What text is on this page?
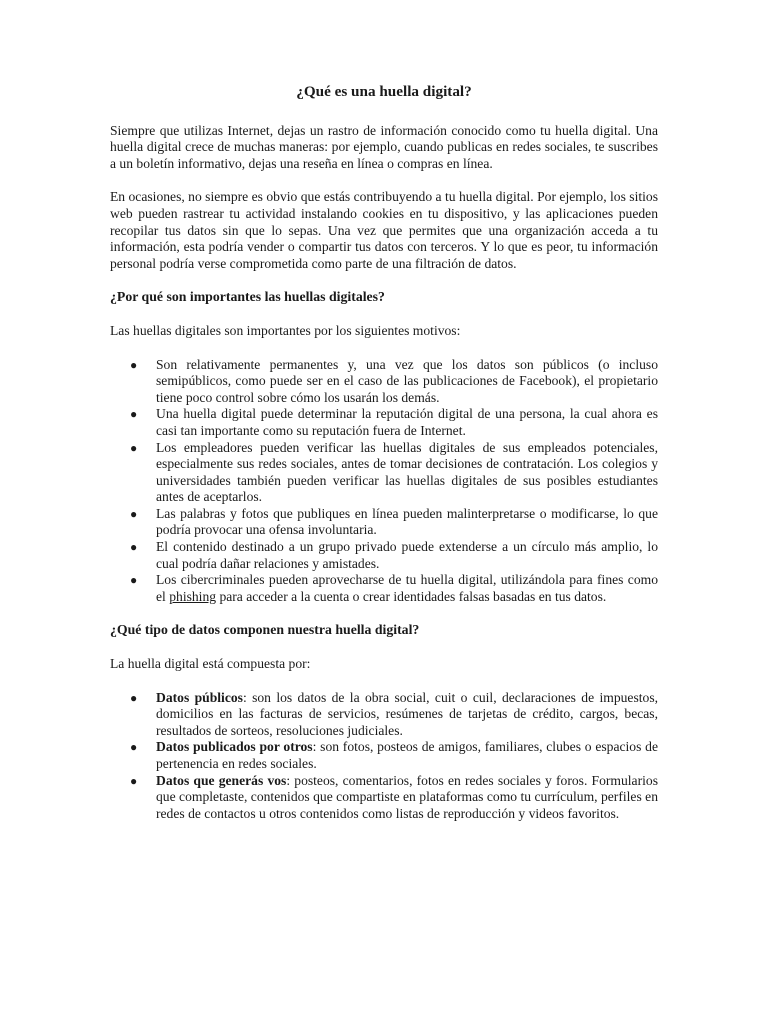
¿Qué es una huella digital?

Siempre que utilizas Internet, dejas un rastro de información conocido como tu huella digital. Una huella digital crece de muchas maneras: por ejemplo, cuando publicas en redes sociales, te suscribes a un boletín informativo, dejas una reseña en línea o compras en línea.

En ocasiones, no siempre es obvio que estás contribuyendo a tu huella digital. Por ejemplo, los sitios web pueden rastrear tu actividad instalando cookies en tu dispositivo, y las aplicaciones pueden recopilar tus datos sin que lo sepas. Una vez que permites que una organización acceda a tu información, esta podría vender o compartir tus datos con terceros. Y lo que es peor, tu información personal podría verse comprometida como parte de una filtración de datos.

¿Por qué son importantes las huellas digitales?

Las huellas digitales son importantes por los siguientes motivos:

● Son relativamente permanentes y, una vez que los datos son públicos (o incluso semipúblicos, como puede ser en el caso de las publicaciones de Facebook), el propietario tiene poco control sobre cómo los usarán los demás.
● Una huella digital puede determinar la reputación digital de una persona, la cual ahora es casi tan importante como su reputación fuera de Internet.
● Los empleadores pueden verificar las huellas digitales de sus empleados potenciales, especialmente sus redes sociales, antes de tomar decisiones de contratación. Los colegios y universidades también pueden verificar las huellas digitales de sus posibles estudiantes antes de aceptarlos.
● Las palabras y fotos que publiques en línea pueden malinterpretarse o modificarse, lo que podría provocar una ofensa involuntaria.
● El contenido destinado a un grupo privado puede extenderse a un círculo más amplio, lo cual podría dañar relaciones y amistades.
● Los cibercriminales pueden aprovecharse de tu huella digital, utilizándola para fines como el phishing para acceder a la cuenta o crear identidades falsas basadas en tus datos.
¿Qué tipo de datos componen nuestra huella digital?

La huella digital está compuesta por:

● Datos públicos: son los datos de la obra social, cuit o cuil, declaraciones de impuestos, domicilios en las facturas de servicios, resúmenes de tarjetas de crédito, cargos, becas, resultados de sorteos, resoluciones judiciales.
● Datos publicados por otros: son fotos, posteos de amigos, familiares, clubes o espacios de pertenencia en redes sociales.
● Datos que generás vos: posteos, comentarios, fotos en redes sociales y foros. Formularios que completaste, contenidos que compartiste en plataformas como tu currículum, perfiles en redes de contactos u otros contenidos como listas de reproducción y videos favoritos.
